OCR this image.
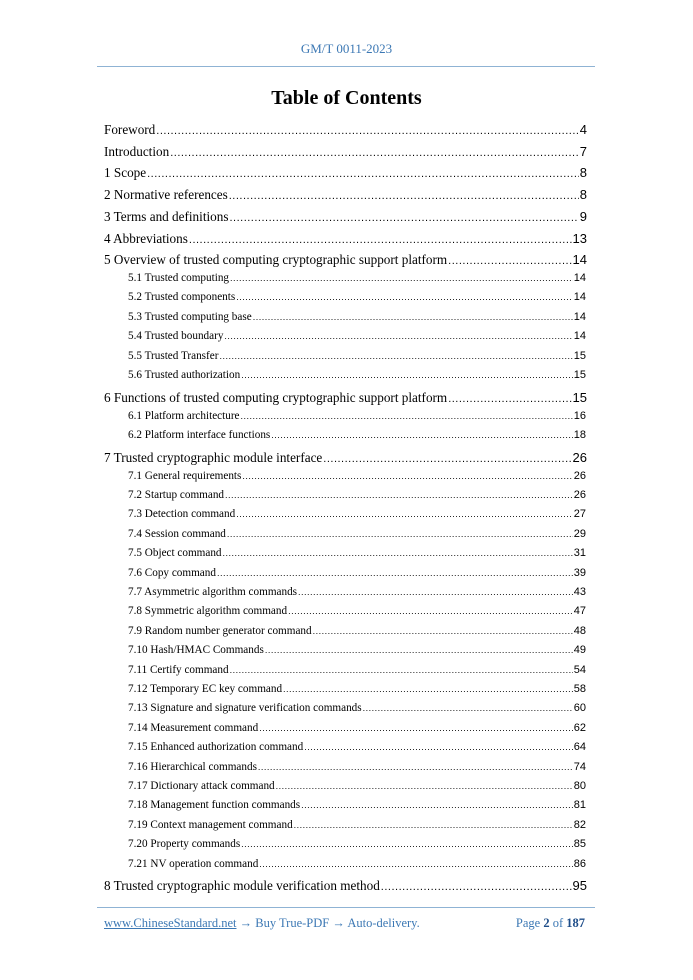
GM/T 0011-2023
Table of Contents
Foreword .....	4
Introduction .....	7
1 Scope .....	8
2 Normative references .....	8
3 Terms and definitions .....	9
4 Abbreviations .....	13
5 Overview of trusted computing cryptographic support platform .....	14
5.1 Trusted computing .....	14
5.2 Trusted components .....	14
5.3 Trusted computing base .....	14
5.4 Trusted boundary .....	14
5.5 Trusted Transfer .....	15
5.6 Trusted authorization .....	15
6 Functions of trusted computing cryptographic support platform .....	15
6.1 Platform architecture .....	16
6.2 Platform interface functions .....	18
7 Trusted cryptographic module interface .....	26
7.1 General requirements .....	26
7.2 Startup command .....	26
7.3 Detection command .....	27
7.4 Session command .....	29
7.5 Object command .....	31
7.6 Copy command .....	39
7.7 Asymmetric algorithm commands .....	43
7.8 Symmetric algorithm command .....	47
7.9 Random number generator command .....	48
7.10 Hash/HMAC Commands .....	49
7.11 Certify command .....	54
7.12 Temporary EC key command .....	58
7.13 Signature and signature verification commands .....	60
7.14 Measurement command .....	62
7.15 Enhanced authorization command .....	64
7.16 Hierarchical commands .....	74
7.17 Dictionary attack command .....	80
7.18 Management function commands .....	81
7.19 Context management command .....	82
7.20 Property commands .....	85
7.21 NV operation command .....	86
8 Trusted cryptographic module verification method .....	95
www.ChineseStandard.net → Buy True-PDF → Auto-delivery.	Page 2 of 187
